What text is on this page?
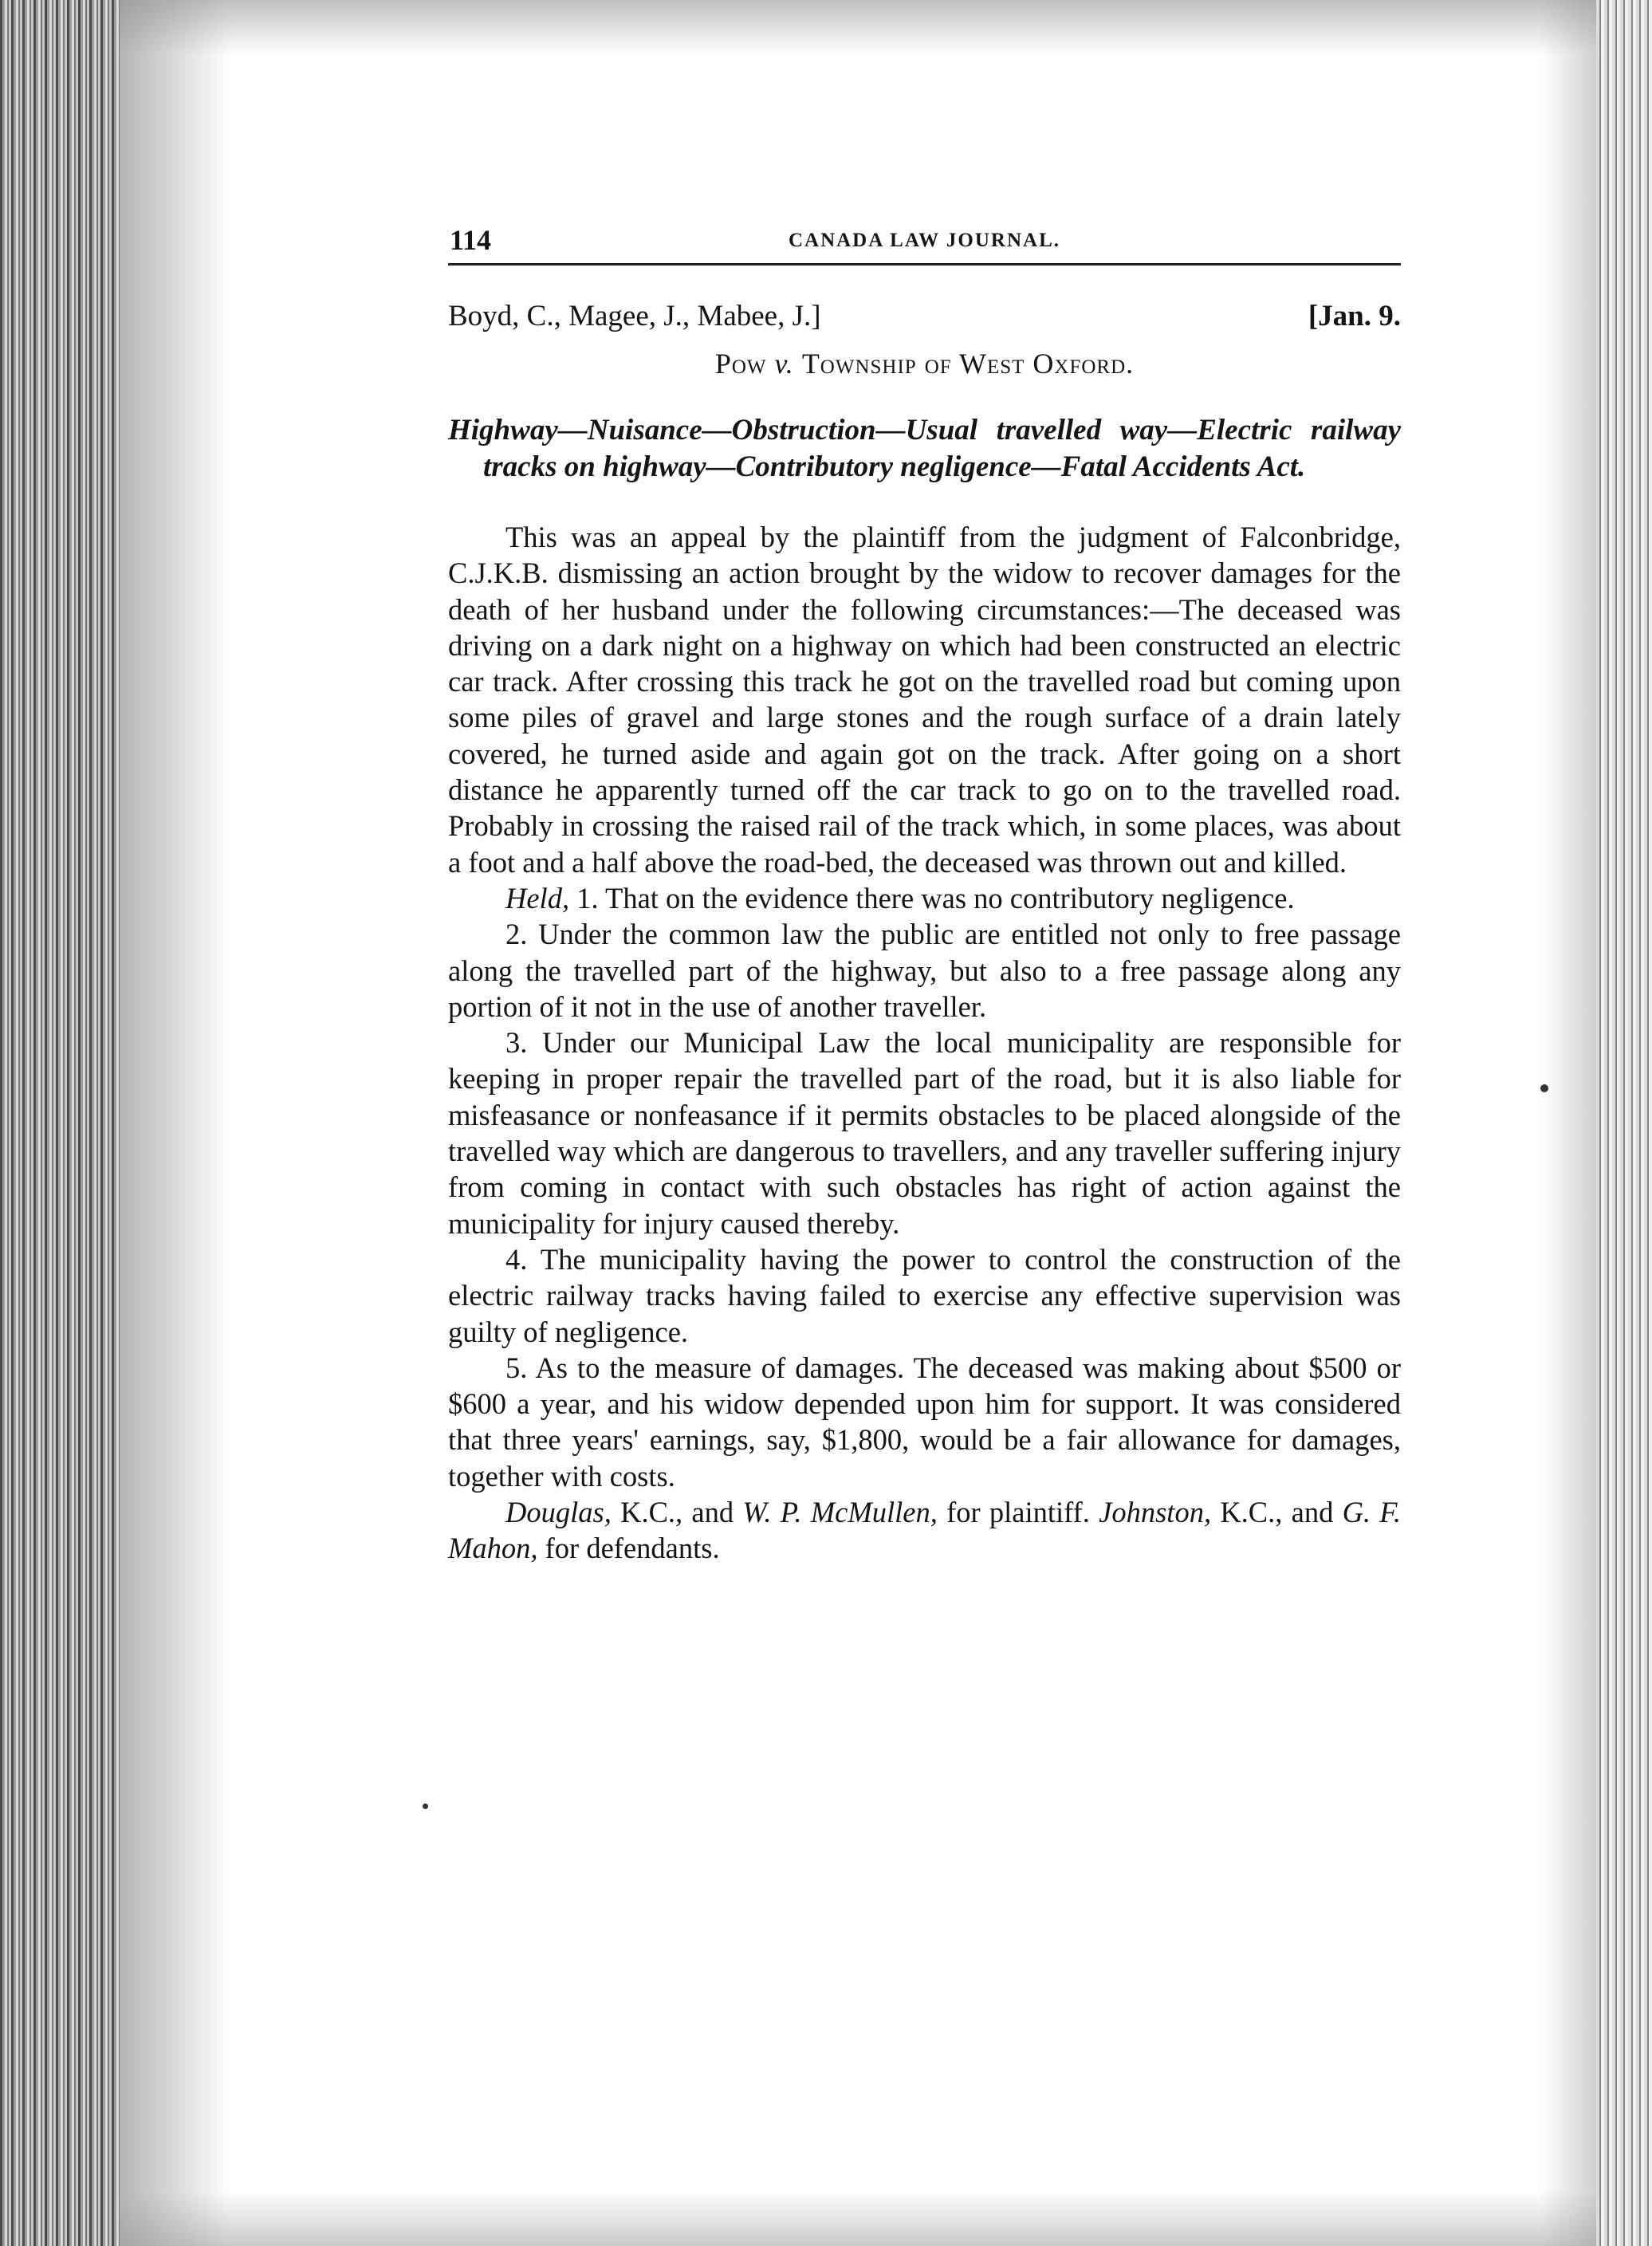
114	CANADA LAW JOURNAL.
Boyd, C., Magee, J., Mabee, J.]	[Jan. 9.
Pow v. Township of West Oxford.
Highway—Nuisance—Obstruction—Usual travelled way—Electric railway tracks on highway—Contributory negligence—Fatal Accidents Act.

This was an appeal by the plaintiff from the judgment of Falconbridge, C.J.K.B. dismissing an action brought by the widow to recover damages for the death of her husband under the following circumstances:—The deceased was driving on a dark night on a highway on which had been constructed an electric car track. After crossing this track he got on the travelled road but coming upon some piles of gravel and large stones and the rough surface of a drain lately covered, he turned aside and again got on the track. After going on a short distance he apparently turned off the car track to go on to the travelled road. Probably in crossing the raised rail of the track which, in some places, was about a foot and a half above the road-bed, the deceased was thrown out and killed.

Held, 1. That on the evidence there was no contributory negligence.

2. Under the common law the public are entitled not only to free passage along the travelled part of the highway, but also to a free passage along any portion of it not in the use of another traveller.

3. Under our Municipal Law the local municipality are responsible for keeping in proper repair the travelled part of the road, but it is also liable for misfeasance or nonfeasance if it permits obstacles to be placed alongside of the travelled way which are dangerous to travellers, and any traveller suffering injury from coming in contact with such obstacles has right of action against the municipality for injury caused thereby.

4. The municipality having the power to control the construction of the electric railway tracks having failed to exercise any effective supervision was guilty of negligence.

5. As to the measure of damages. The deceased was making about $500 or $600 a year, and his widow depended upon him for support. It was considered that three years' earnings, say, $1,800, would be a fair allowance for damages, together with costs.

Douglas, K.C., and W. P. McMullen, for plaintiff. Johnston, K.C., and G. F. Mahon, for defendants.
